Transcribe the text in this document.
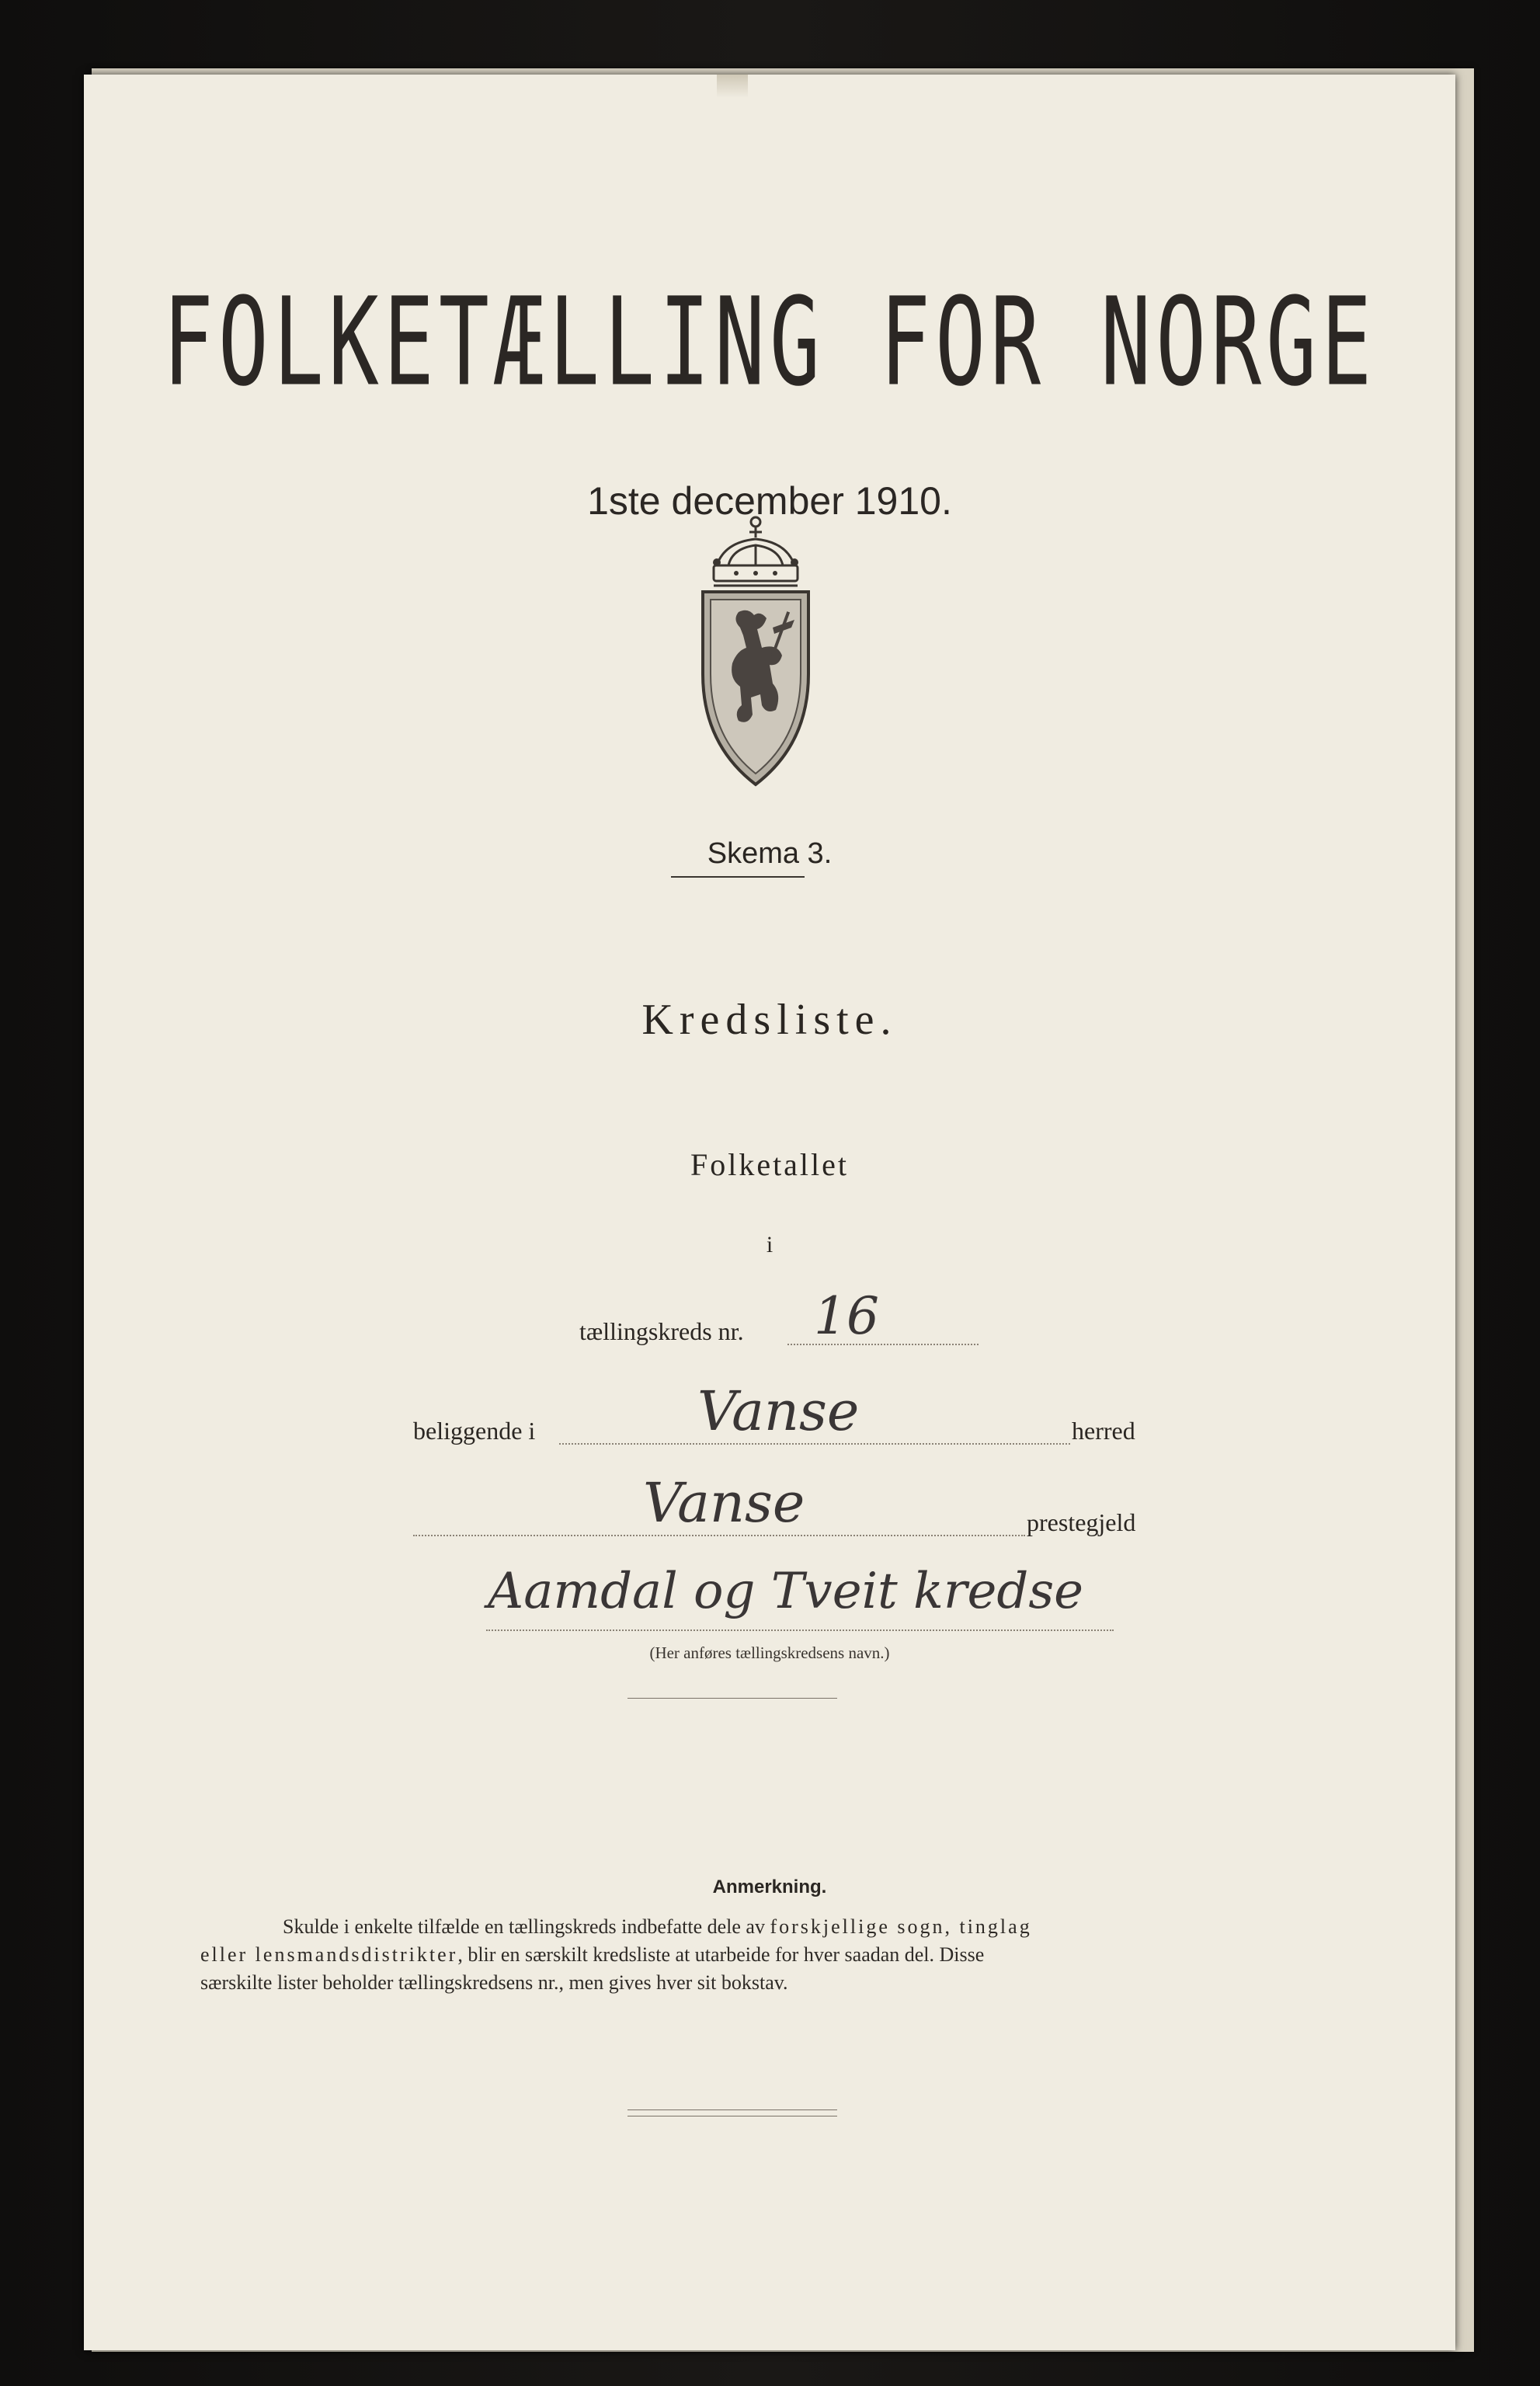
FOLKETÆLLING FOR NORGE
1ste december 1910.
Skema 3.
Kredsliste.
Folketallet
i
tællingskreds nr. 16
beliggende i	Vanse	herred
Vanse	prestegjeld
Aamdal og Tveit kredse
(Her anføres tællingskredsens navn.)
Anmerkning.
Skulde i enkelte tilfælde en tællingskreds indbefatte dele av forskjellige sogn, tinglag
eller lensmandsdistrikter, blir en særskilt kredsliste at utarbeide for hver saadan del. Disse
særskilte lister beholder tællingskredsens nr., men gives hver sit bokstav.
